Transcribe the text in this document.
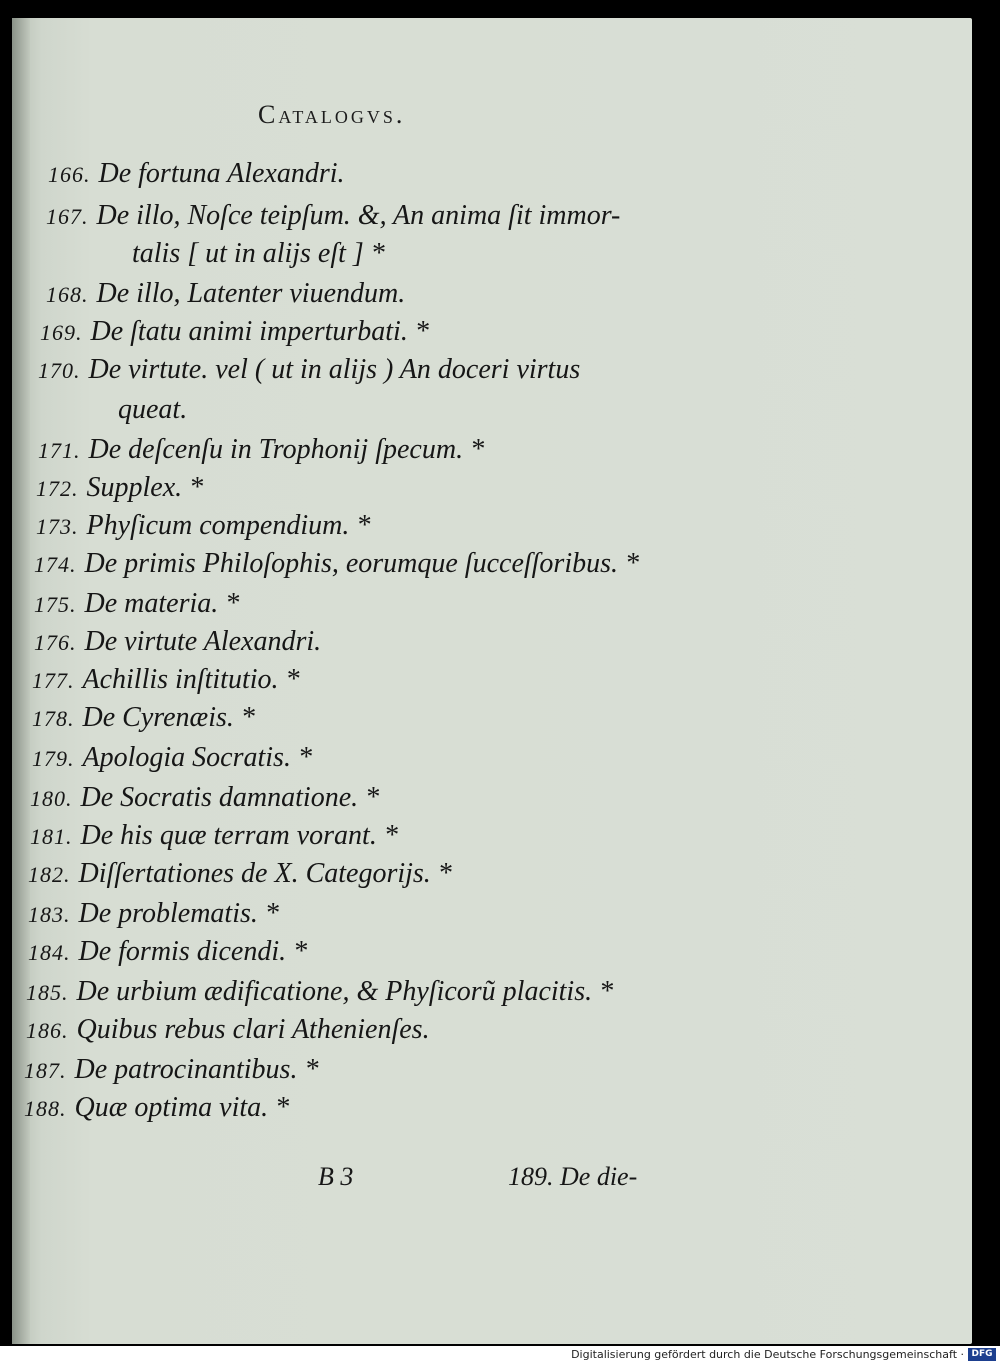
Catalogvs.
166. De fortuna Alexandri.
167. De illo, Noſce teipſum. &, An anima ſit immor-
talis [ ut in alijs eſt ] *
168. De illo, Latenter viuendum.
169. De ſtatu animi imperturbati. *
170. De virtute. vel ( ut in alijs ) An doceri virtus
queat.
171. De deſcenſu in Trophonij ſpecum. *
172. Supplex. *
173. Phyſicum compendium. *
174. De primis Philoſophis, eorumque ſucceſſoribus. *
175. De materia. *
176. De virtute Alexandri.
177. Achillis inſtitutio. *
178. De Cyrenæis. *
179. Apologia Socratis. *
180. De Socratis damnatione. *
181. De his quæ terram vorant. *
182. Diſſertationes de X. Categorijs. *
183. De problematis. *
184. De formis dicendi. *
185. De urbium ædificatione, & Phyſicorũ placitis. *
186. Quibus rebus clari Athenienſes.
187. De patrocinantibus. *
188. Quæ optima vita. *
B 3	189. De die-
Digitalisierung gefördert durch die Deutsche Forschungsgemeinschaft · DFG
